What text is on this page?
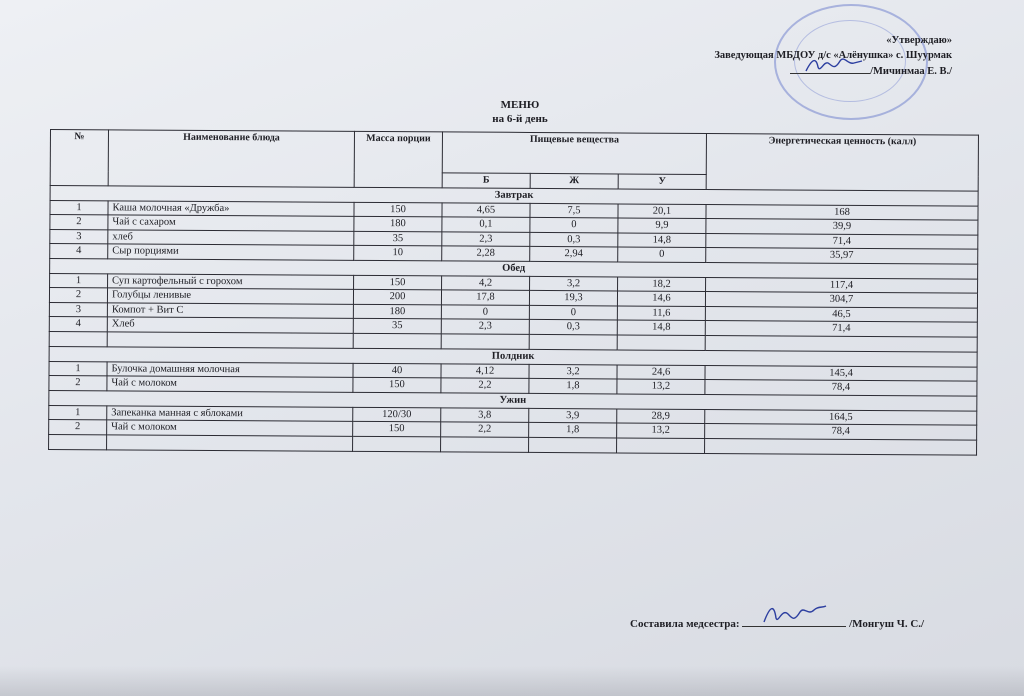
«Утверждаю»
Заведующая МБДОУ д/с «Алёнушка» с. Шуурмак
/Мичинмаа Е. В./
МЕНЮ
на 6-й день
№	Наименование блюда	Масса порции	Пищевые вещества			Энергетическая ценность (калл)
			Б	Ж	У	
Завтрак						
1	Каша молочная «Дружба»	150	4,65	7,5	20,1	168
2	Чай с сахаром	180	0,1	0	9,9	39,9
3	хлеб	35	2,3	0,3	14,8	71,4
4	Сыр порциями	10	2,28	2,94	0	35,97
Обед						
1	Суп картофельный с горохом	150	4,2	3,2	18,2	117,4
2	Голубцы ленивые	200	17,8	19,3	14,6	304,7
3	Компот + Вит С	180	0	0	11,6	46,5
4	Хлеб	35	2,3	0,3	14,8	71,4

Полдник						
1	Булочка домашняя молочная	40	4,12	3,2	24,6	145,4
2	Чай с молоком	150	2,2	1,8	13,2	78,4
Ужин						
1	Запеканка манная с яблоками	120/30	3,8	3,9	28,9	164,5
2	Чай с молоком	150	2,2	1,8	13,2	78,4

Составила медсестра:	/Монгуш Ч. С./
